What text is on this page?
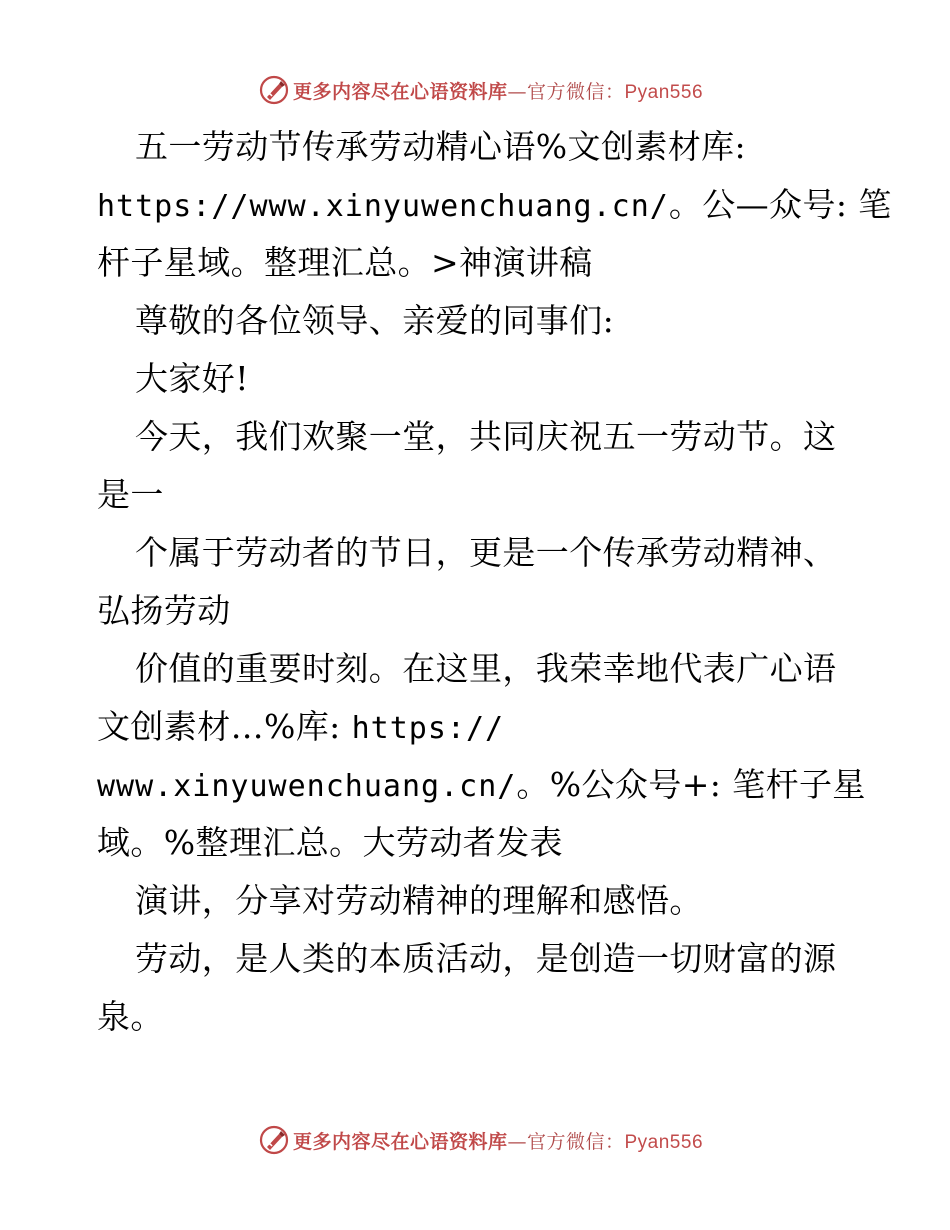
更多内容尽在心语资料库—官方微信：Pyan556
五一劳动节传承劳动精心语%文创素材库:
https://www.xinyuwenchuang.cn/。公—众号: 笔
杆子星域。整理汇总。>神演讲稿
尊敬的各位领导、亲爱的同事们:
大家好!
今天，我们欢聚一堂，共同庆祝五一劳动节。这
是一
个属于劳动者的节日，更是一个传承劳动精神、
弘扬劳动
价值的重要时刻。在这里，我荣幸地代表广心语
文创素材…%库: https://
www.xinyuwenchuang.cn/。%公众号+: 笔杆子星
域。%整理汇总。大劳动者发表
演讲，分享对劳动精神的理解和感悟。
劳动，是人类的本质活动，是创造一切财富的源
泉。
更多内容尽在心语资料库—官方微信：Pyan556
